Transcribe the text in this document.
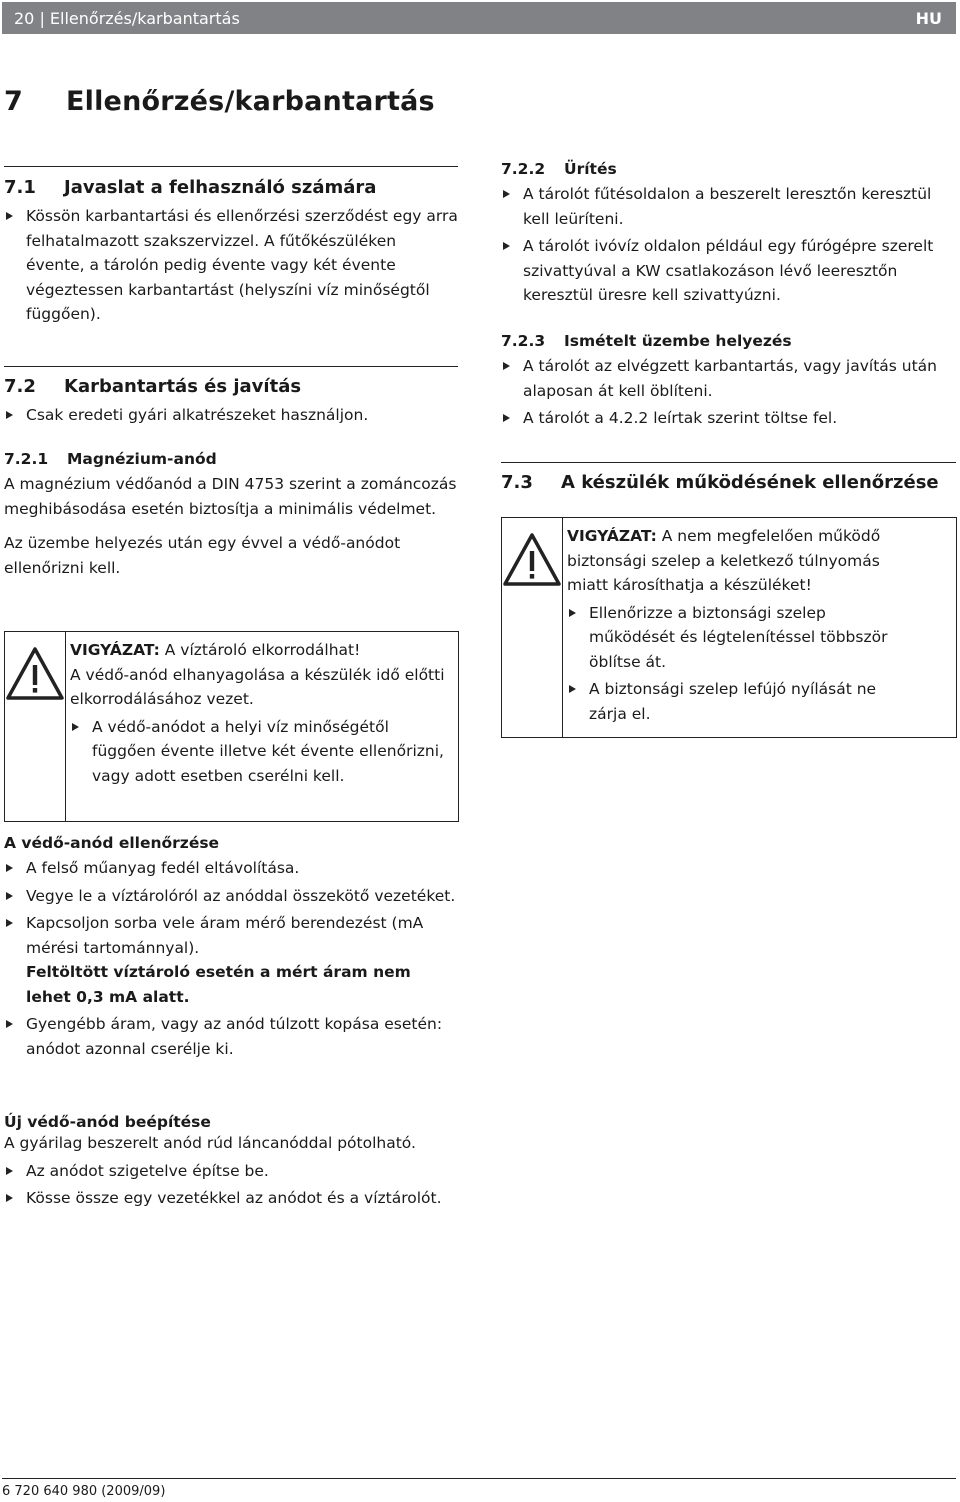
20 | Ellenőrzés/karbantartás	HU
7 Ellenőrzés/karbantartás
7.1 Javaslat a felhasználó számára
Kössön karbantartási és ellenőrzési szerződést egy arra felhatalmazott szakszervizzel. A fűtőkészüléken évente, a tárolón pedig évente vagy két évente végeztessen karbantartást (helyszíni víz minőségtől függően).
7.2 Karbantartás és javítás
Csak eredeti gyári alkatrészeket használjon.
7.2.1 Magnézium-anód

A magnézium védőanód a DIN 4753 szerint a zománcozás meghibásodása esetén biztosítja a minimális védelmet.

Az üzembe helyezés után egy évvel a védő-anódot ellenőrizni kell.

VIGYÁZAT: A víztároló elkorrodálhat!

A védő-anód elhanyagolása a készülék idő előtti elkorrodálásához vezet.

A védő-anódot a helyi víz minőségétől függően évente illetve két évente ellenőrizni, vagy adott esetben cserélni kell.
A védő-anód ellenőrzése
A felső műanyag fedél eltávolítása.
Vegye le a víztárolóról az anóddal összekötő vezetéket.
Kapcsoljon sorba vele áram mérő berendezést (mA mérési tartománnyal).
Feltöltött víztároló esetén a mért áram nem lehet 0,3 mA alatt.
Gyengébb áram, vagy az anód túlzott kopása esetén: anódot azonnal cserélje ki.
Új védő-anód beépítése

A gyárilag beszerelt anód rúd láncanóddal pótolható.

Az anódot szigetelve építse be.
Kösse össze egy vezetékkel az anódot és a víztárolót.
7.2.2 Ürítés
A tárolót fűtésoldalon a beszerelt leresztőn keresztül kell leüríteni.
A tárolót ivóvíz oldalon például egy fúrógépre szerelt szivattyúval a KW csatlakozáson lévő leeresztőn keresztül üresre kell szivattyúzni.
7.2.3 Ismételt üzembe helyezés
A tárolót az elvégzett karbantartás, vagy javítás után alaposan át kell öblíteni.
A tárolót a 4.2.2 leírtak szerint töltse fel.
7.3 A készülék működésének ellenőrzése

VIGYÁZAT: A nem megfelelően működő biztonsági szelep a keletkező túlnyomás miatt károsíthatja a készüléket!

Ellenőrizze a biztonsági szelep működését és légtelenítéssel többször öblítse át.
A biztonsági szelep lefújó nyílását ne zárja el.
6 720 640 980 (2009/09)
